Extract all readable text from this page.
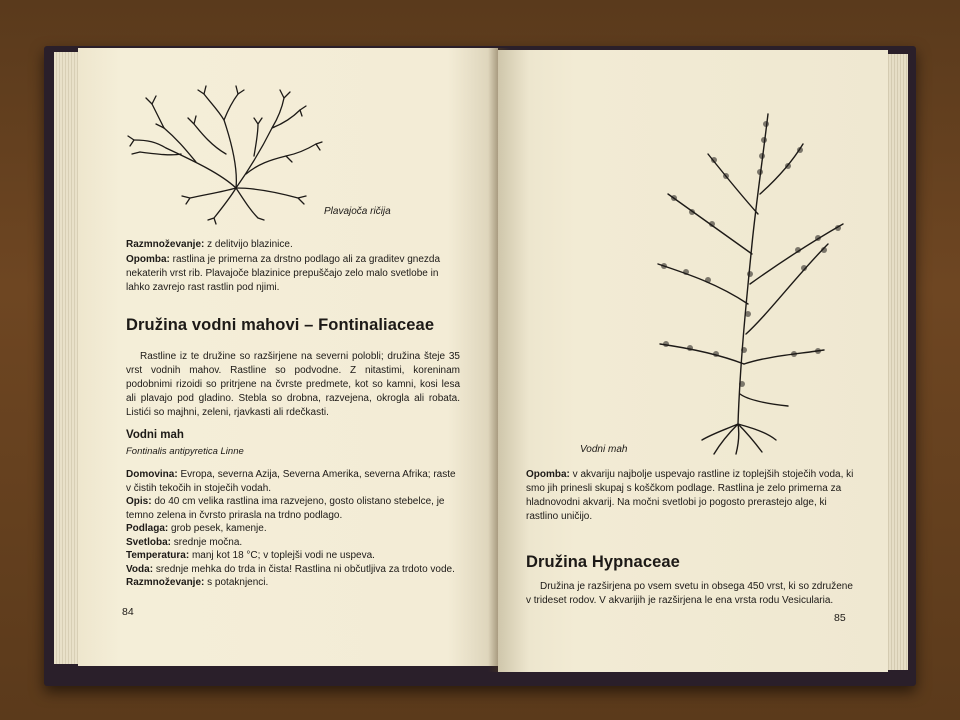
Plavajoča ričija

Razmnoževanje: z delitvijo blazinice.

Opomba: rastlina je primerna za drstno podlago ali za graditev gnezda nekaterih vrst rib. Plavajoče blazinice prepuščajo zelo malo svetlobe in lahko zavrejo rast rastlin pod njimi.

Družina vodni mahovi – Fontinaliaceae

Rastline iz te družine so razširjene na severni polobli; družina šteje 35 vrst vodnih mahov. Rastline so podvodne. Z nitastimi, koreninam podobnimi rizoidi so pritrjene na čvrste predmete, kot so kamni, kosi lesa ali plavajo pod gladino. Stebla so drobna, razvejena, okrogla ali robata. Listići so majhni, zeleni, rjavkasti ali rdečkasti.

Vodni mah

Fontinalis antipyretica Linne

Domovina: Evropa, severna Azija, Severna Amerika, severna Afrika; raste v čistih tekočih in stoječih vodah.
Opis: do 40 cm velika rastlina ima razvejeno, gosto olistano stebelce, je temno zelena in čvrsto prirasla na trdno podlago.
Podlaga: grob pesek, kamenje.
Svetloba: srednje močna.
Temperatura: manj kot 18 °C; v toplejši vodi ne uspeva.
Voda: srednje mehka do trda in čista! Rastlina ni občutljiva za trdoto vode.
Razmnoževanje: s potaknjenci.

84

Vodni mah

Opomba: v akvariju najbolje uspevajo rastline iz toplejših stoječih voda, ki smo jih prinesli skupaj s koščkom podlage. Rastlina je zelo primerna za hladnovodni akvarij. Na močni svetlobi jo pogosto prerastejo alge, ki rastlino uničijo.

Družina Hypnaceae

Družina je razširjena po vsem svetu in obsega 450 vrst, ki so združene v trideset rodov. V akvarijih je razširjena le ena vrsta rodu Vesicularia.

85
